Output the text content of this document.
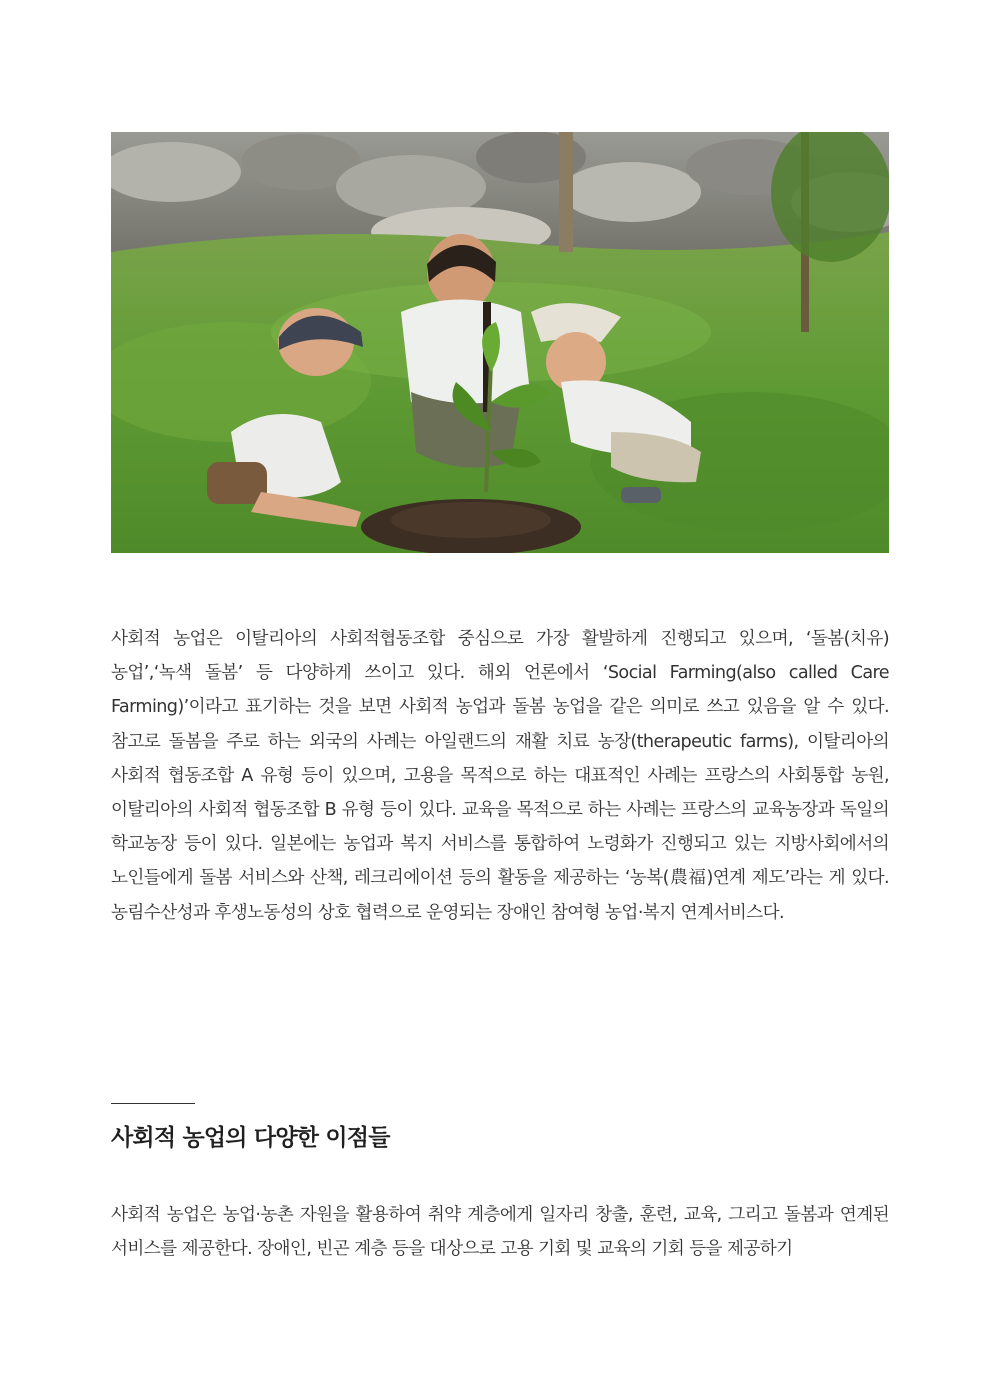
사회적 농업은 이탈리아의 사회적협동조합 중심으로 가장 활발하게 진행되고 있으며, ‘돌봄(치유) 농업’,‘녹색 돌봄’ 등 다양하게 쓰이고 있다. 해외 언론에서 ‘Social Farming(also called Care Farming)’이라고 표기하는 것을 보면 사회적 농업과 돌봄 농업을 같은 의미로 쓰고 있음을 알 수 있다. 참고로 돌봄을 주로 하는 외국의 사례는 아일랜드의 재활 치료 농장(therapeutic farms), 이탈리아의 사회적 협동조합 A 유형 등이 있으며, 고용을 목적으로 하는 대표적인 사례는 프랑스의 사회통합 농원, 이탈리아의 사회적 협동조합 B 유형 등이 있다. 교육을 목적으로 하는 사례는 프랑스의 교육농장과 독일의 학교농장 등이 있다. 일본에는 농업과 복지 서비스를 통합하여 노령화가 진행되고 있는 지방사회에서의 노인들에게 돌봄 서비스와 산책, 레크리에이션 등의 활동을 제공하는 ‘농복(農福)연계 제도’라는 게 있다. 농림수산성과 후생노동성의 상호 협력으로 운영되는 장애인 참여형 농업·복지 연계서비스다.

사회적 농업의 다양한 이점들

사회적 농업은 농업·농촌 자원을 활용하여 취약 계층에게 일자리 창출, 훈련, 교육, 그리고 돌봄과 연계된 서비스를 제공한다. 장애인, 빈곤 계층 등을 대상으로 고용 기회 및 교육의 기회 등을 제공하기
